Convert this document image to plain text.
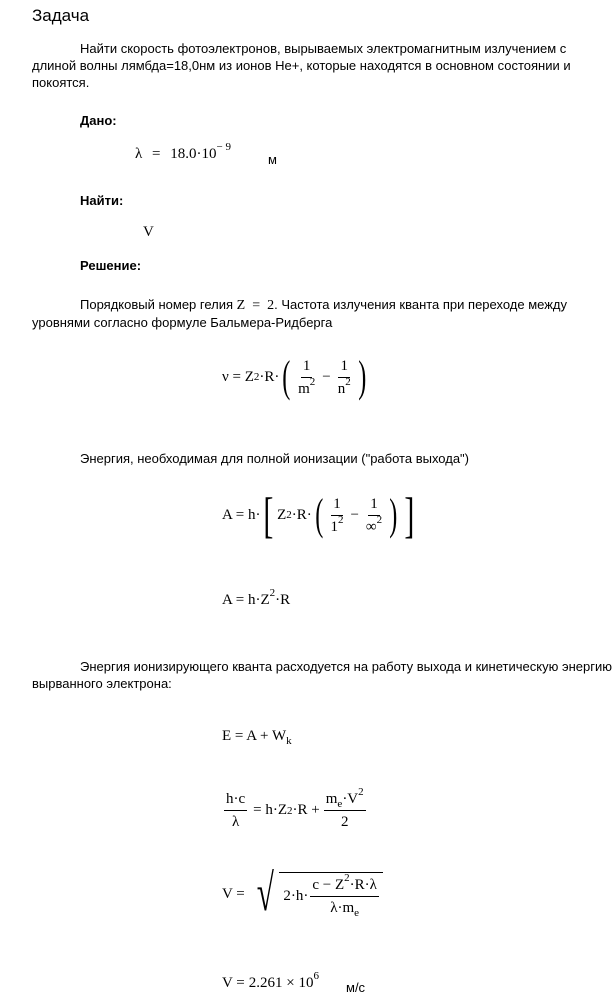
Задача
Найти скорость фотоэлектронов, вырываемых электромагнитным излучением с длиной волны лямбда=18,0нм из ионов He+, которые находятся в основном состоянии и покоятся.
Дано:
$\lambda = 18.0\cdot 10^{- 9}$
м
Найти:
V
Решение:
Порядковый номер гелия Z  =  2. Частота излучения кванта при переходе между уровнями согласно формуле Бальмера-Ридберга
ν = Z 2 ·R· ( $\frac{1}{m^2} - \frac{1}{n^2}$ )
Энергия, необходимая для полной ионизации ("работа выхода")
A = h· [ Z 2 ·R· ( $\frac{1}{1^2} - \frac{1}{\infty^2}$ ) ]
$A = h\cdot Z^2\cdot R$
Энергия ионизирующего кванта расходуется на работу выхода и кинетическую энергию вырванного электрона:
$E = A + W_k$
$\frac{h\cdot c}{\lambda} = h\cdot Z$ $2 \cdot R + \frac{m_e\cdot V^2}{2}$
V = √ $2\cdot h\cdot \frac{c - Z^2\cdot R\cdot\lambda}{\lambda\cdot m_e}$
$V = 2.261 \times 10^6$
м/с
